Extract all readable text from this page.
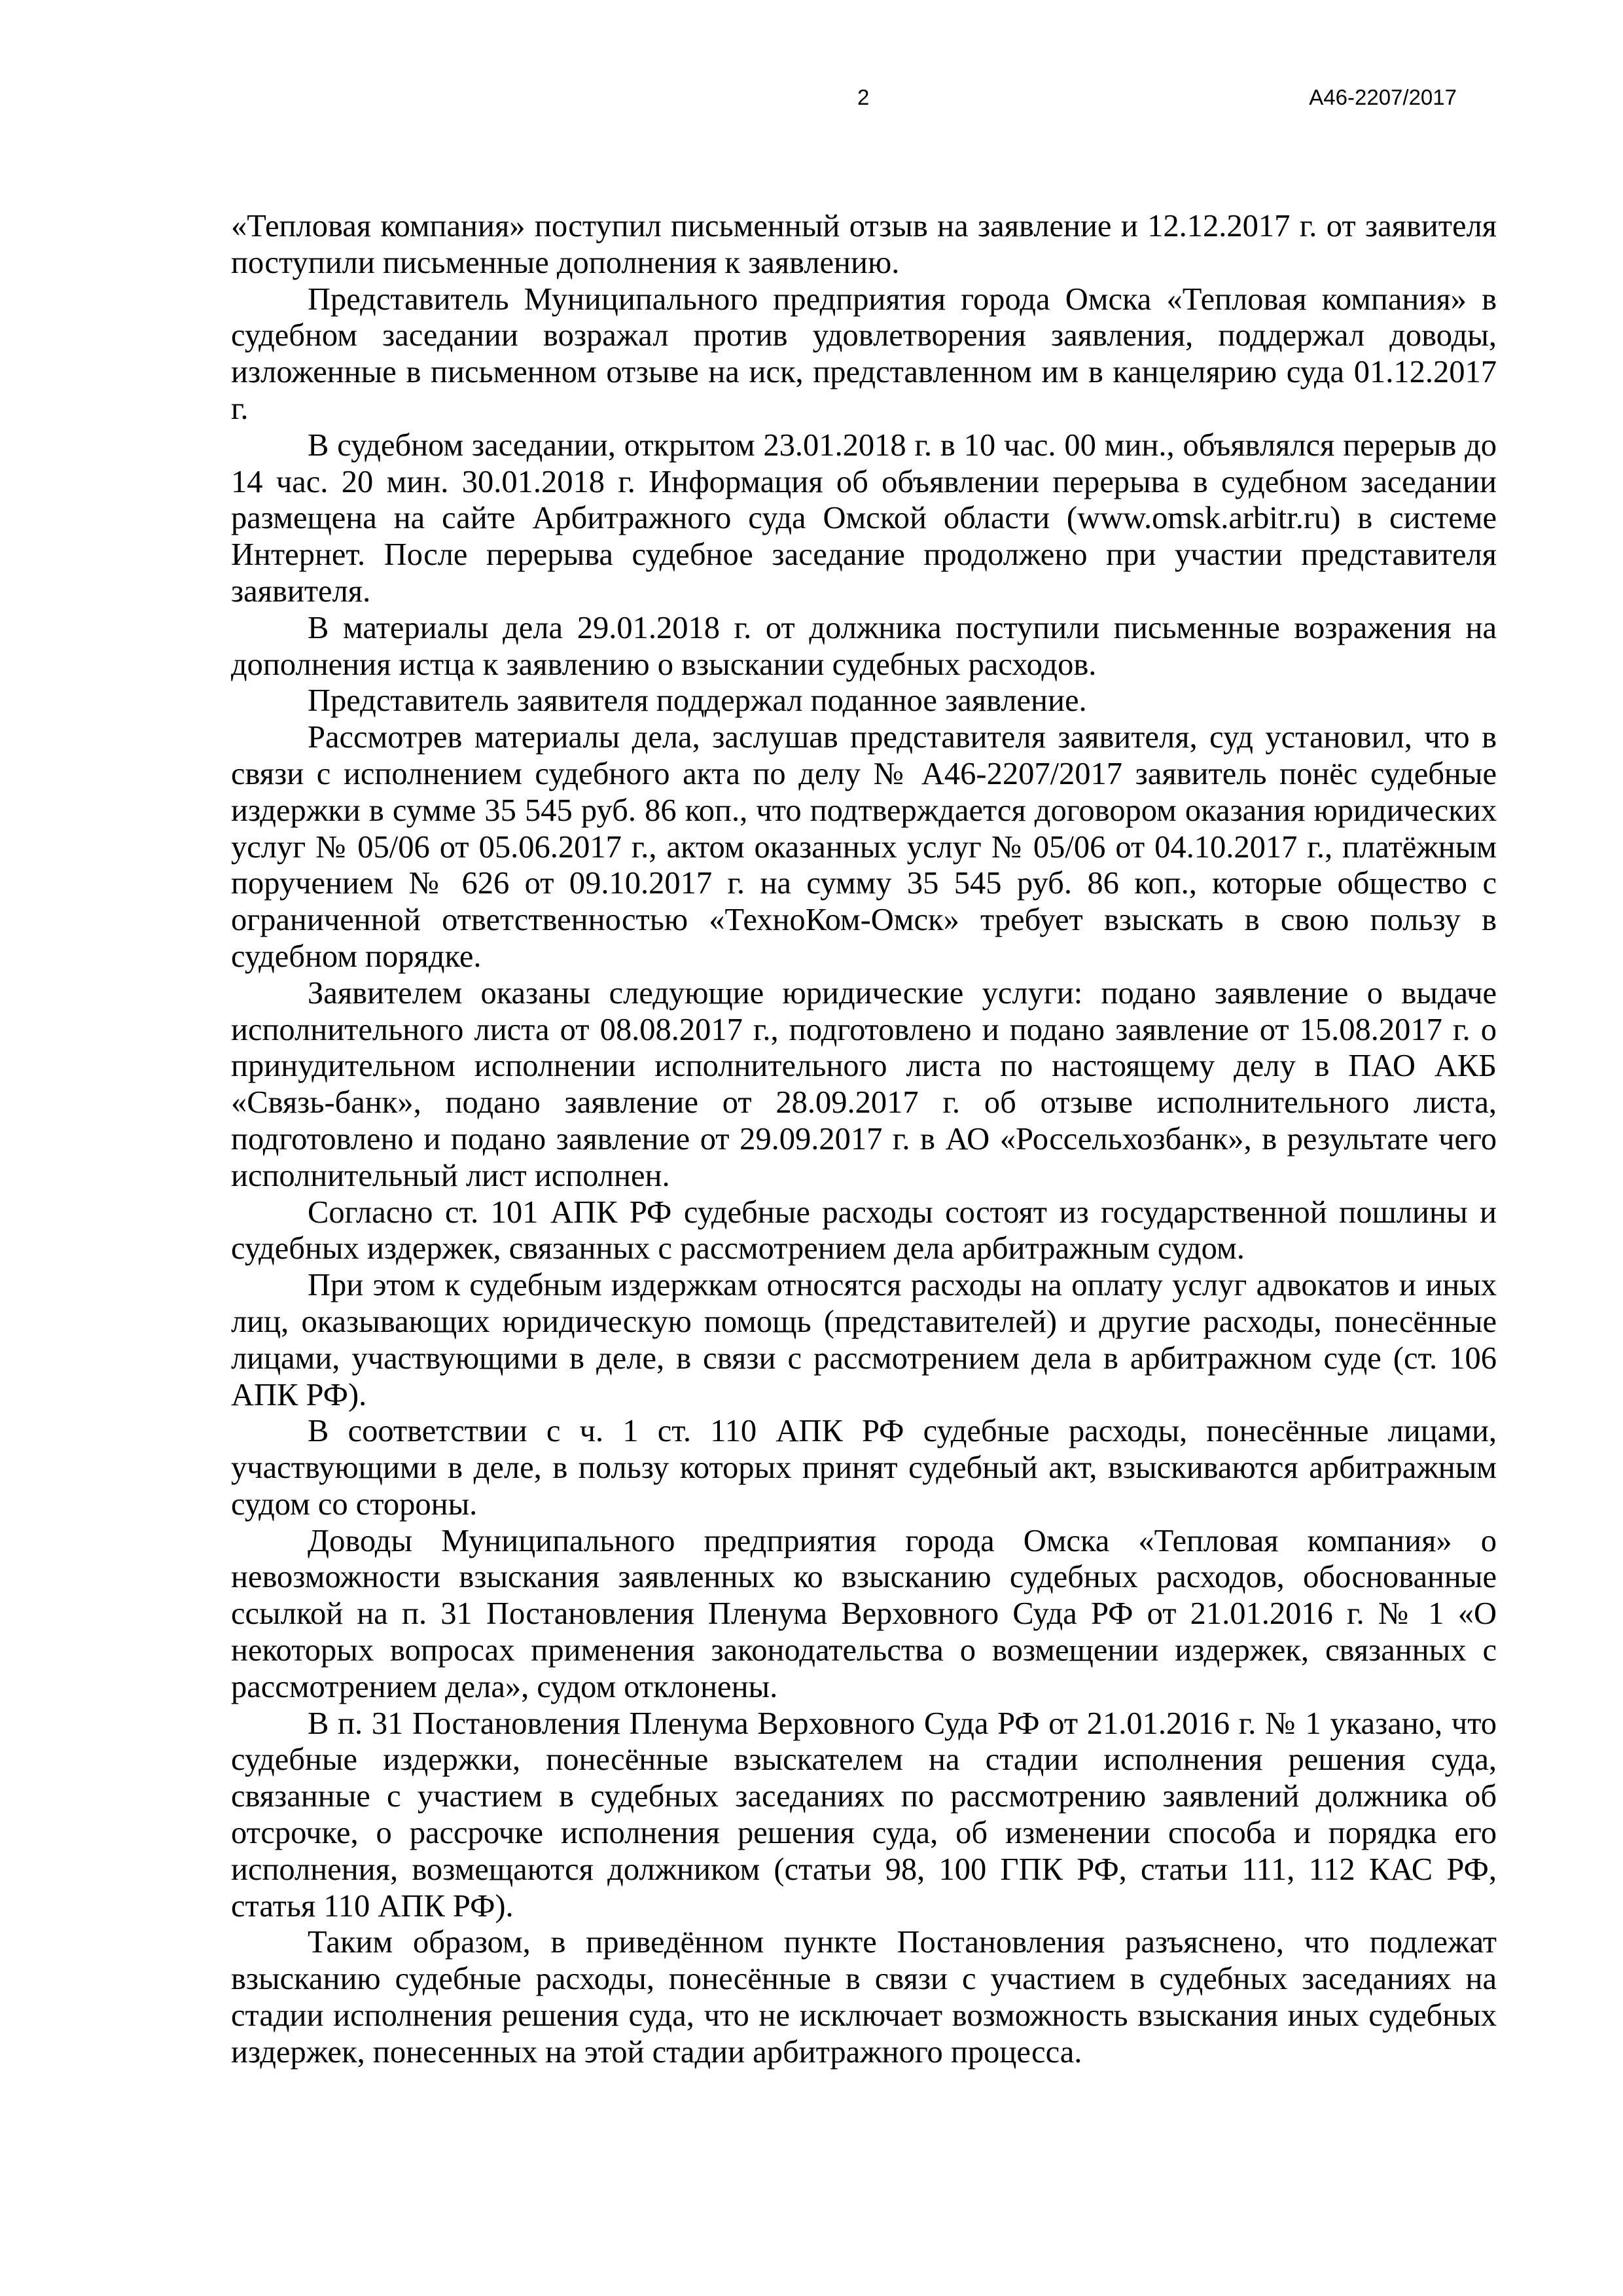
2	А46-2207/2017

«Тепловая компания» поступил письменный отзыв на заявление и 12.12.2017 г. от заявителя поступили письменные дополнения к заявлению.

Представитель Муниципального предприятия города Омска «Тепловая компания» в судебном заседании возражал против удовлетворения заявления, поддержал доводы, изложенные в письменном отзыве на иск, представленном им в канцелярию суда 01.12.2017 г.

В судебном заседании, открытом 23.01.2018 г. в 10 час. 00 мин., объявлялся перерыв до 14 час. 20 мин. 30.01.2018 г. Информация об объявлении перерыва в судебном заседании размещена на сайте Арбитражного суда Омской области (www.omsk.arbitr.ru) в системе Интернет. После перерыва судебное заседание продолжено при участии представителя заявителя.

В материалы дела 29.01.2018 г. от должника поступили письменные возражения на дополнения истца к заявлению о взыскании судебных расходов.

Представитель заявителя поддержал поданное заявление.

Рассмотрев материалы дела, заслушав представителя заявителя, суд установил, что в связи с исполнением судебного акта по делу № А46-2207/2017 заявитель понёс судебные издержки в сумме 35 545 руб. 86 коп., что подтверждается договором оказания юридических услуг № 05/06 от 05.06.2017 г., актом оказанных услуг № 05/06 от 04.10.2017 г., платёжным поручением № 626 от 09.10.2017 г. на сумму 35 545 руб. 86 коп., которые общество с ограниченной ответственностью «ТехноКом-Омск» требует взыскать в свою пользу в судебном порядке.

Заявителем оказаны следующие юридические услуги: подано заявление о выдаче исполнительного листа от 08.08.2017 г., подготовлено и подано заявление от 15.08.2017 г. о принудительном исполнении исполнительного листа по настоящему делу в ПАО АКБ «Связь-банк», подано заявление от 28.09.2017 г. об отзыве исполнительного листа, подготовлено и подано заявление от 29.09.2017 г. в АО «Россельхозбанк», в результате чего исполнительный лист исполнен.

Согласно ст. 101 АПК РФ судебные расходы состоят из государственной пошлины и судебных издержек, связанных с рассмотрением дела арбитражным судом.

При этом к судебным издержкам относятся расходы на оплату услуг адвокатов и иных лиц, оказывающих юридическую помощь (представителей) и другие расходы, понесённые лицами, участвующими в деле, в связи с рассмотрением дела в арбитражном суде (ст. 106 АПК РФ).

В соответствии с ч. 1 ст. 110 АПК РФ судебные расходы, понесённые лицами, участвующими в деле, в пользу которых принят судебный акт, взыскиваются арбитражным судом со стороны.

Доводы Муниципального предприятия города Омска «Тепловая компания» о невозможности взыскания заявленных ко взысканию судебных расходов, обоснованные ссылкой на п. 31 Постановления Пленума Верховного Суда РФ от 21.01.2016 г. № 1 «О некоторых вопросах применения законодательства о возмещении издержек, связанных с рассмотрением дела», судом отклонены.

В п. 31 Постановления Пленума Верховного Суда РФ от 21.01.2016 г. № 1 указано, что судебные издержки, понесённые взыскателем на стадии исполнения решения суда, связанные с участием в судебных заседаниях по рассмотрению заявлений должника об отсрочке, о рассрочке исполнения решения суда, об изменении способа и порядка его исполнения, возмещаются должником (статьи 98, 100 ГПК РФ, статьи 111, 112 КАС РФ, статья 110 АПК РФ).

Таким образом, в приведённом пункте Постановления разъяснено, что подлежат взысканию судебные расходы, понесённые в связи с участием в судебных заседаниях на стадии исполнения решения суда, что не исключает возможность взыскания иных судебных издержек, понесенных на этой стадии арбитражного процесса.
